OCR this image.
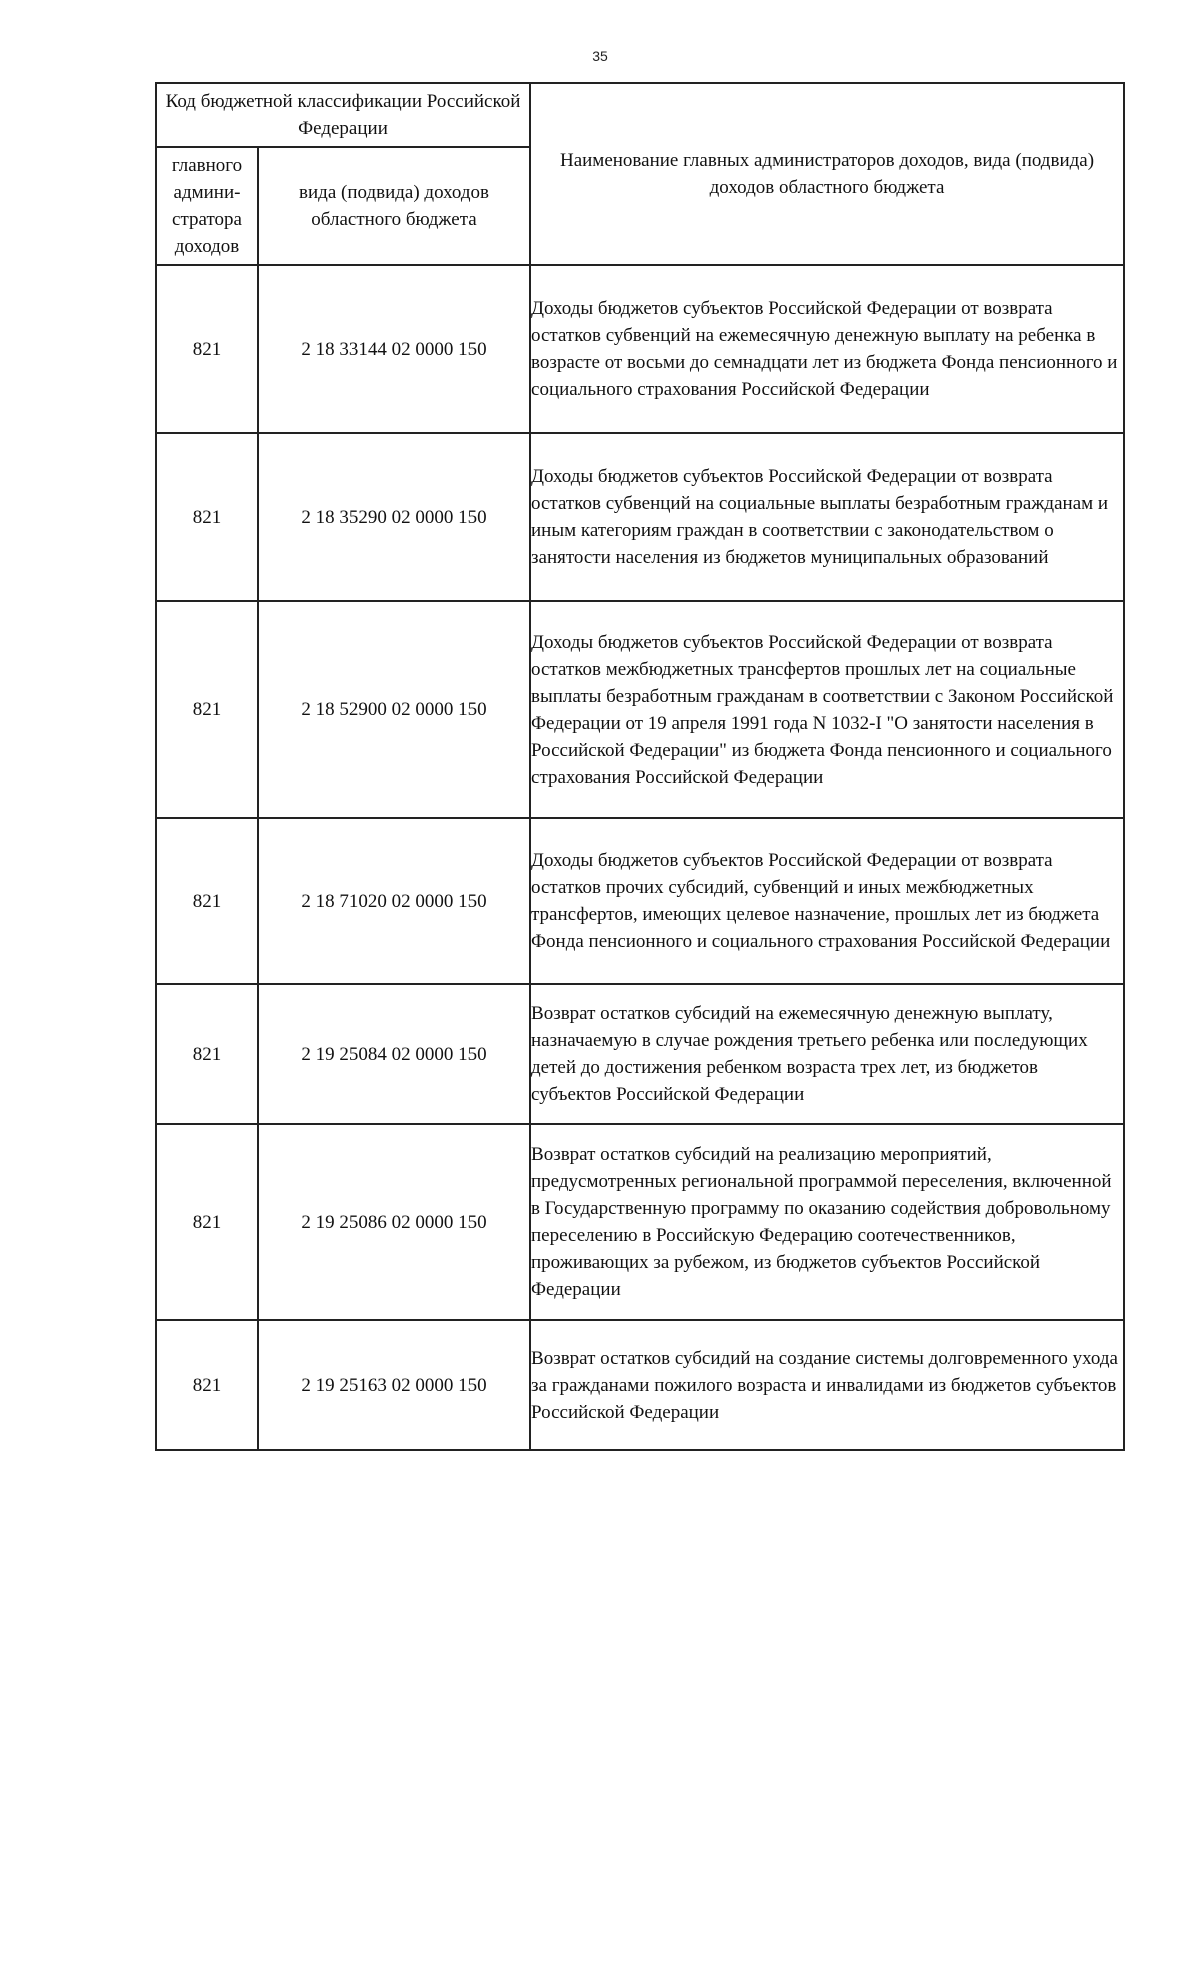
35
Код бюджетной классификации Российской Федерации		Наименование главных администраторов доходов, вида (подвида) доходов областного бюджета
главного админи-стратора доходов	вида (подвида) доходов областного бюджета	
821	2 18 33144 02 0000 150	Доходы бюджетов субъектов Российской Федерации от возврата остатков субвенций на ежемесячную денежную выплату на ребенка в возрасте от восьми до семнадцати лет из бюджета Фонда пенсионного и социального страхования Российской Федерации
821	2 18 35290 02 0000 150	Доходы бюджетов субъектов Российской Федерации от возврата остатков субвенций на социальные выплаты безработным гражданам и иным категориям граждан в соответствии с законодательством о занятости населения из бюджетов муниципальных образований
821	2 18 52900 02 0000 150	Доходы бюджетов субъектов Российской Федерации от возврата остатков межбюджетных трансфертов прошлых лет на социальные выплаты безработным гражданам в соответствии с Законом Российской Федерации от 19 апреля 1991 года N 1032-I "О занятости населения в Российской Федерации" из бюджета Фонда пенсионного и социального страхования Российской Федерации
821	2 18 71020 02 0000 150	Доходы бюджетов субъектов Российской Федерации от возврата остатков прочих субсидий, субвенций и иных межбюджетных трансфертов, имеющих целевое назначение, прошлых лет из бюджета Фонда пенсионного и социального страхования Российской Федерации
821	2 19 25084 02 0000 150	Возврат остатков субсидий на ежемесячную денежную выплату, назначаемую в случае рождения третьего ребенка или последующих детей до достижения ребенком возраста трех лет, из бюджетов субъектов Российской Федерации
821	2 19 25086 02 0000 150	Возврат остатков субсидий на реализацию мероприятий, предусмотренных региональной программой переселения, включенной в Государственную программу по оказанию содействия добровольному переселению в Российскую Федерацию соотечественников, проживающих за рубежом, из бюджетов субъектов Российской Федерации
821	2 19 25163 02 0000 150	Возврат остатков субсидий на создание системы долговременного ухода за гражданами пожилого возраста и инвалидами из бюджетов субъектов Российской Федерации
